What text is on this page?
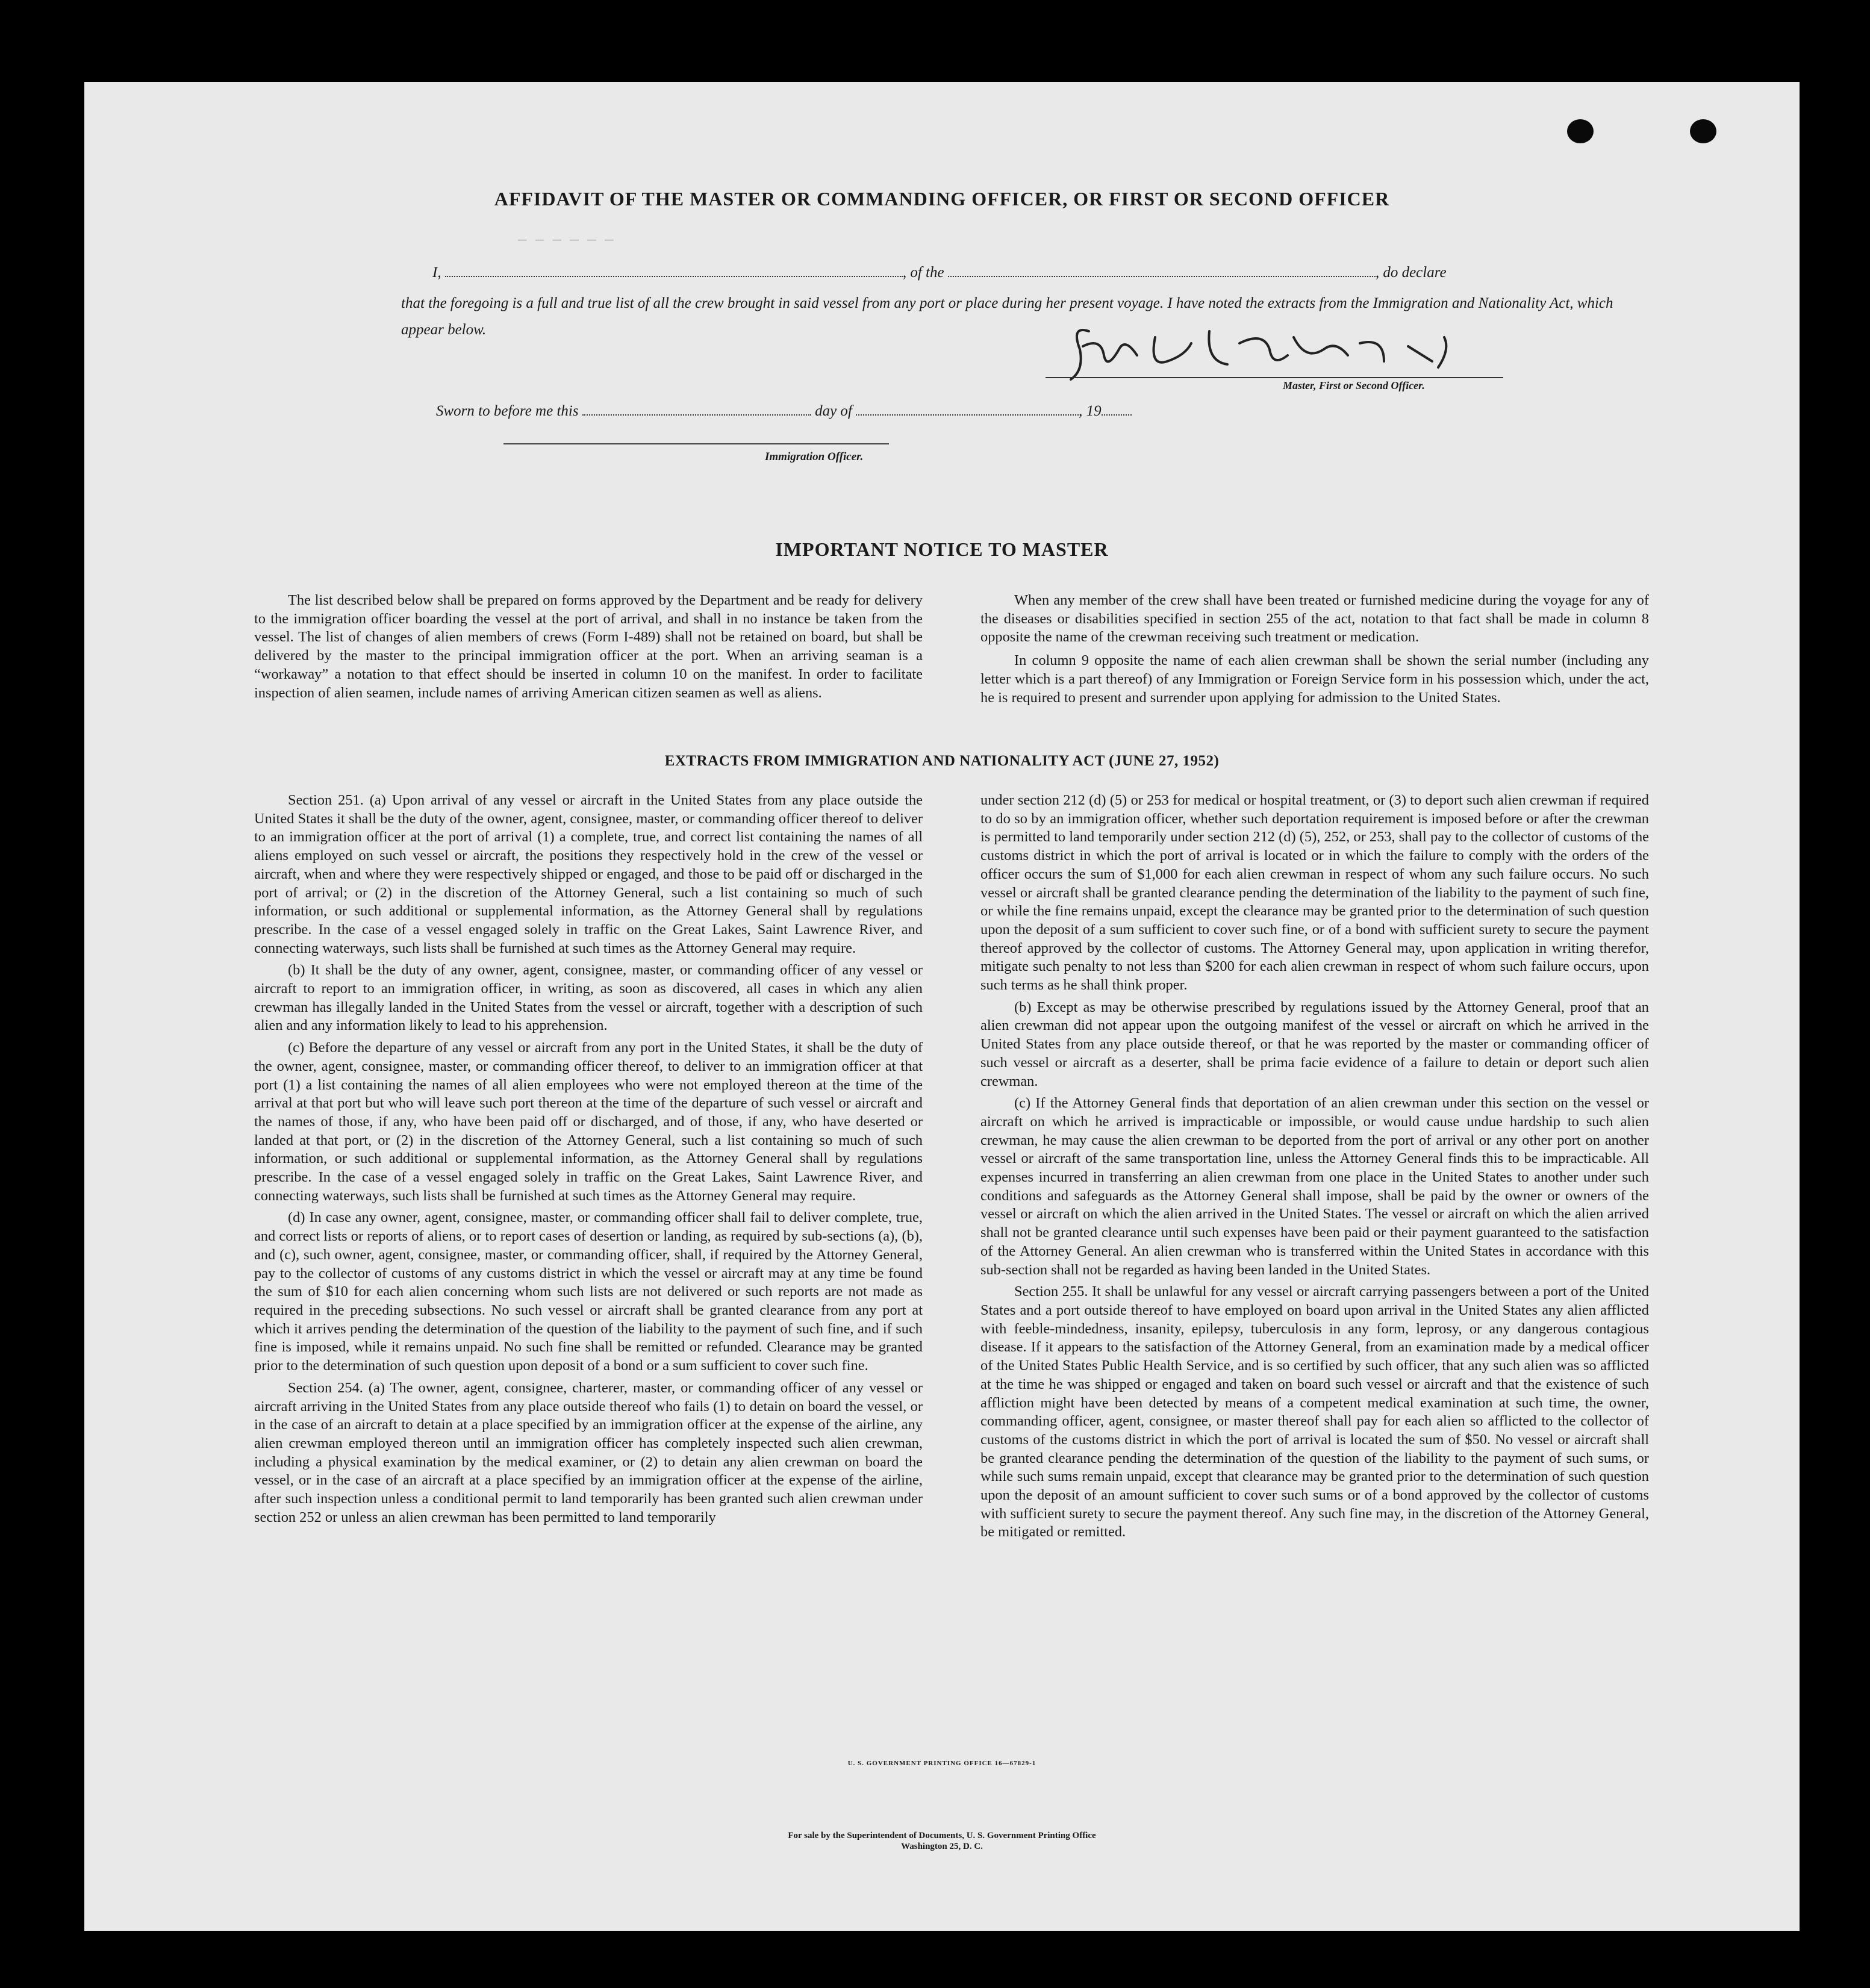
— — — — — —
AFFIDAVIT OF THE MASTER OR COMMANDING OFFICER, OR FIRST OR SECOND OFFICER
I,	, of the	, do declare
that the foregoing is a full and true list of all the crew brought in said vessel from any port or place during her present voyage. I have noted the extracts from the Immigration and Nationality Act, which appear below.
Master, First or Second Officer.
Sworn to before me this	day of	, 19
Immigration Officer.
IMPORTANT NOTICE TO MASTER

The list described below shall be prepared on forms approved by the Department and be ready for delivery to the immigration officer boarding the vessel at the port of arrival, and shall in no instance be taken from the vessel. The list of changes of alien members of crews (Form I-489) shall not be retained on board, but shall be delivered by the master to the principal immigration officer at the port. When an arriving seaman is a “workaway” a notation to that effect should be inserted in column 10 on the manifest. In order to facilitate inspection of alien seamen, include names of arriving American citizen seamen as well as aliens.

When any member of the crew shall have been treated or furnished medicine during the voyage for any of the diseases or disabilities specified in section 255 of the act, notation to that fact shall be made in column 8 opposite the name of the crewman receiving such treatment or medication.

In column 9 opposite the name of each alien crewman shall be shown the serial number (including any letter which is a part thereof) of any Immigration or Foreign Service form in his possession which, under the act, he is required to present and surrender upon applying for admission to the United States.

EXTRACTS FROM IMMIGRATION AND NATIONALITY ACT (JUNE 27, 1952)

Section 251. (a) Upon arrival of any vessel or aircraft in the United States from any place outside the United States it shall be the duty of the owner, agent, consignee, master, or commanding officer thereof to deliver to an immigration officer at the port of arrival (1) a complete, true, and correct list containing the names of all aliens employed on such vessel or aircraft, the positions they respectively hold in the crew of the vessel or aircraft, when and where they were respectively shipped or engaged, and those to be paid off or discharged in the port of arrival; or (2) in the discretion of the Attorney General, such a list containing so much of such information, or such additional or supplemental information, as the Attorney General shall by regulations prescribe. In the case of a vessel engaged solely in traffic on the Great Lakes, Saint Lawrence River, and connecting waterways, such lists shall be furnished at such times as the Attorney General may require.

(b) It shall be the duty of any owner, agent, consignee, master, or commanding officer of any vessel or aircraft to report to an immigration officer, in writing, as soon as discovered, all cases in which any alien crewman has illegally landed in the United States from the vessel or aircraft, together with a description of such alien and any information likely to lead to his apprehension.

(c) Before the departure of any vessel or aircraft from any port in the United States, it shall be the duty of the owner, agent, consignee, master, or commanding officer thereof, to deliver to an immigration officer at that port (1) a list containing the names of all alien employees who were not employed thereon at the time of the arrival at that port but who will leave such port thereon at the time of the departure of such vessel or aircraft and the names of those, if any, who have been paid off or discharged, and of those, if any, who have deserted or landed at that port, or (2) in the discretion of the Attorney General, such a list containing so much of such information, or such additional or supplemental information, as the Attorney General shall by regulations prescribe. In the case of a vessel engaged solely in traffic on the Great Lakes, Saint Lawrence River, and connecting waterways, such lists shall be furnished at such times as the Attorney General may require.

(d) In case any owner, agent, consignee, master, or commanding officer shall fail to deliver complete, true, and correct lists or reports of aliens, or to report cases of desertion or landing, as required by sub-sections (a), (b), and (c), such owner, agent, consignee, master, or commanding officer, shall, if required by the Attorney General, pay to the collector of customs of any customs district in which the vessel or aircraft may at any time be found the sum of $10 for each alien concerning whom such lists are not delivered or such reports are not made as required in the preceding subsections. No such vessel or aircraft shall be granted clearance from any port at which it arrives pending the determination of the question of the liability to the payment of such fine, and if such fine is imposed, while it remains unpaid. No such fine shall be remitted or refunded. Clearance may be granted prior to the determination of such question upon deposit of a bond or a sum sufficient to cover such fine.

Section 254. (a) The owner, agent, consignee, charterer, master, or commanding officer of any vessel or aircraft arriving in the United States from any place outside thereof who fails (1) to detain on board the vessel, or in the case of an aircraft to detain at a place specified by an immigration officer at the expense of the airline, any alien crewman employed thereon until an immigration officer has completely inspected such alien crewman, including a physical examination by the medical examiner, or (2) to detain any alien crewman on board the vessel, or in the case of an aircraft at a place specified by an immigration officer at the expense of the airline, after such inspection unless a conditional permit to land temporarily has been granted such alien crewman under section 252 or unless an alien crewman has been permitted to land temporarily

under section 212 (d) (5) or 253 for medical or hospital treatment, or (3) to deport such alien crewman if required to do so by an immigration officer, whether such deportation requirement is imposed before or after the crewman is permitted to land temporarily under section 212 (d) (5), 252, or 253, shall pay to the collector of customs of the customs district in which the port of arrival is located or in which the failure to comply with the orders of the officer occurs the sum of $1,000 for each alien crewman in respect of whom any such failure occurs. No such vessel or aircraft shall be granted clearance pending the determination of the liability to the payment of such fine, or while the fine remains unpaid, except the clearance may be granted prior to the determination of such question upon the deposit of a sum sufficient to cover such fine, or of a bond with sufficient surety to secure the payment thereof approved by the collector of customs. The Attorney General may, upon application in writing therefor, mitigate such penalty to not less than $200 for each alien crewman in respect of whom such failure occurs, upon such terms as he shall think proper.

(b) Except as may be otherwise prescribed by regulations issued by the Attorney General, proof that an alien crewman did not appear upon the outgoing manifest of the vessel or aircraft on which he arrived in the United States from any place outside thereof, or that he was reported by the master or commanding officer of such vessel or aircraft as a deserter, shall be prima facie evidence of a failure to detain or deport such alien crewman.

(c) If the Attorney General finds that deportation of an alien crewman under this section on the vessel or aircraft on which he arrived is impracticable or impossible, or would cause undue hardship to such alien crewman, he may cause the alien crewman to be deported from the port of arrival or any other port on another vessel or aircraft of the same transportation line, unless the Attorney General finds this to be impracticable. All expenses incurred in transferring an alien crewman from one place in the United States to another under such conditions and safeguards as the Attorney General shall impose, shall be paid by the owner or owners of the vessel or aircraft on which the alien arrived in the United States. The vessel or aircraft on which the alien arrived shall not be granted clearance until such expenses have been paid or their payment guaranteed to the satisfaction of the Attorney General. An alien crewman who is transferred within the United States in accordance with this sub-section shall not be regarded as having been landed in the United States.

Section 255. It shall be unlawful for any vessel or aircraft carrying passengers between a port of the United States and a port outside thereof to have employed on board upon arrival in the United States any alien afflicted with feeble-mindedness, insanity, epilepsy, tuberculosis in any form, leprosy, or any dangerous contagious disease. If it appears to the satisfaction of the Attorney General, from an examination made by a medical officer of the United States Public Health Service, and is so certified by such officer, that any such alien was so afflicted at the time he was shipped or engaged and taken on board such vessel or aircraft and that the existence of such affliction might have been detected by means of a competent medical examination at such time, the owner, commanding officer, agent, consignee, or master thereof shall pay for each alien so afflicted to the collector of customs of the customs district in which the port of arrival is located the sum of $50. No vessel or aircraft shall be granted clearance pending the determination of the question of the liability to the payment of such sums, or while such sums remain unpaid, except that clearance may be granted prior to the determination of such question upon the deposit of an amount sufficient to cover such sums or of a bond approved by the collector of customs with sufficient surety to secure the payment thereof. Any such fine may, in the discretion of the Attorney General, be mitigated or remitted.

U. S. GOVERNMENT PRINTING OFFICE 16—67829-1
For sale by the Superintendent of Documents, U. S. Government Printing Office
Washington 25, D. C.
